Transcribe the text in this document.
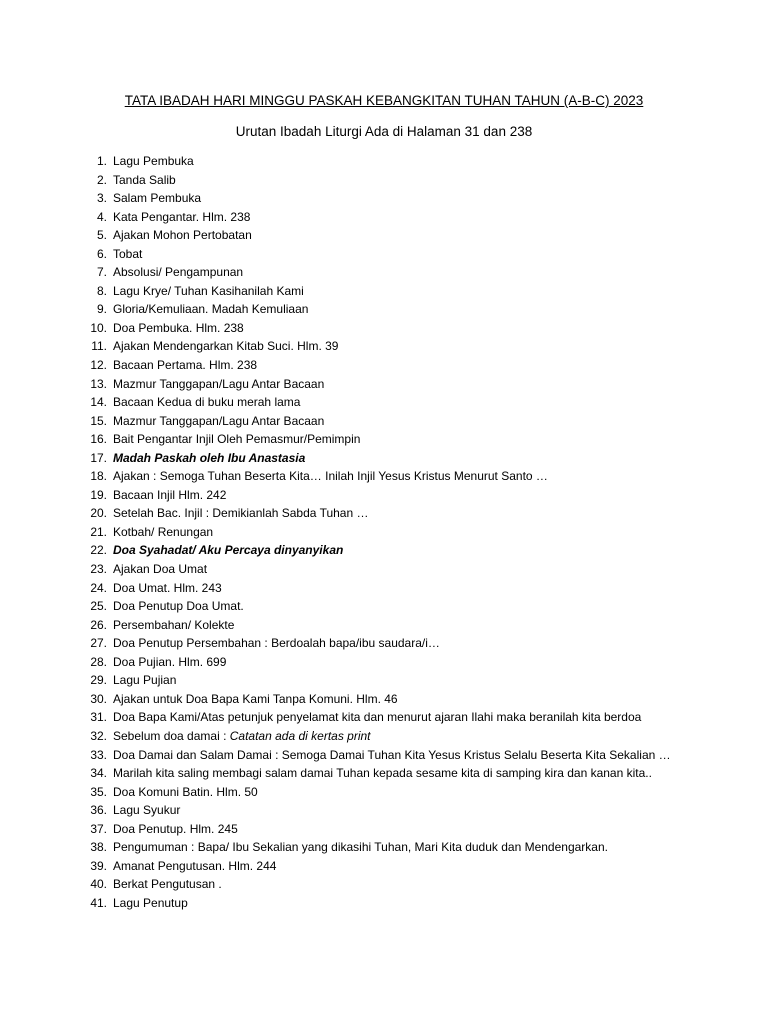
TATA IBADAH HARI MINGGU PASKAH KEBANGKITAN TUHAN TAHUN (A-B-C) 2023
Urutan Ibadah Liturgi Ada di Halaman 31 dan 238
1. Lagu Pembuka
2. Tanda Salib
3. Salam Pembuka
4. Kata Pengantar. Hlm. 238
5. Ajakan Mohon Pertobatan
6. Tobat
7. Absolusi/ Pengampunan
8. Lagu Krye/ Tuhan Kasihanilah Kami
9. Gloria/Kemuliaan. Madah Kemuliaan
10. Doa Pembuka. Hlm. 238
11. Ajakan Mendengarkan Kitab Suci. Hlm. 39
12. Bacaan Pertama. Hlm. 238
13. Mazmur Tanggapan/Lagu Antar Bacaan
14. Bacaan Kedua di buku merah lama
15. Mazmur Tanggapan/Lagu Antar Bacaan
16. Bait Pengantar Injil Oleh Pemasmur/Pemimpin
17. Madah Paskah oleh Ibu Anastasia
18. Ajakan : Semoga Tuhan Beserta Kita… Inilah Injil Yesus Kristus Menurut Santo …
19. Bacaan Injil Hlm. 242
20. Setelah Bac. Injil : Demikianlah Sabda Tuhan …
21. Kotbah/ Renungan
22. Doa Syahadat/ Aku Percaya dinyanyikan
23. Ajakan Doa Umat
24. Doa Umat. Hlm. 243
25. Doa Penutup Doa Umat.
26. Persembahan/ Kolekte
27. Doa Penutup Persembahan : Berdoalah bapa/ibu saudara/i…
28. Doa Pujian. Hlm. 699
29. Lagu Pujian
30. Ajakan untuk Doa Bapa Kami Tanpa Komuni. Hlm. 46
31. Doa Bapa Kami/Atas petunjuk penyelamat kita dan menurut ajaran Ilahi maka beranilah kita berdoa
32. Sebelum doa damai : Catatan ada di kertas print
33. Doa Damai dan Salam Damai : Semoga Damai Tuhan Kita Yesus Kristus Selalu Beserta Kita Sekalian …
34. Marilah kita saling membagi salam damai Tuhan kepada sesame kita di samping kira dan kanan kita..
35. Doa Komuni Batin. Hlm. 50
36. Lagu Syukur
37. Doa Penutup. Hlm. 245
38. Pengumuman : Bapa/ Ibu Sekalian yang dikasihi Tuhan, Mari Kita duduk dan Mendengarkan.
39. Amanat Pengutusan. Hlm. 244
40. Berkat Pengutusan .
41. Lagu Penutup
